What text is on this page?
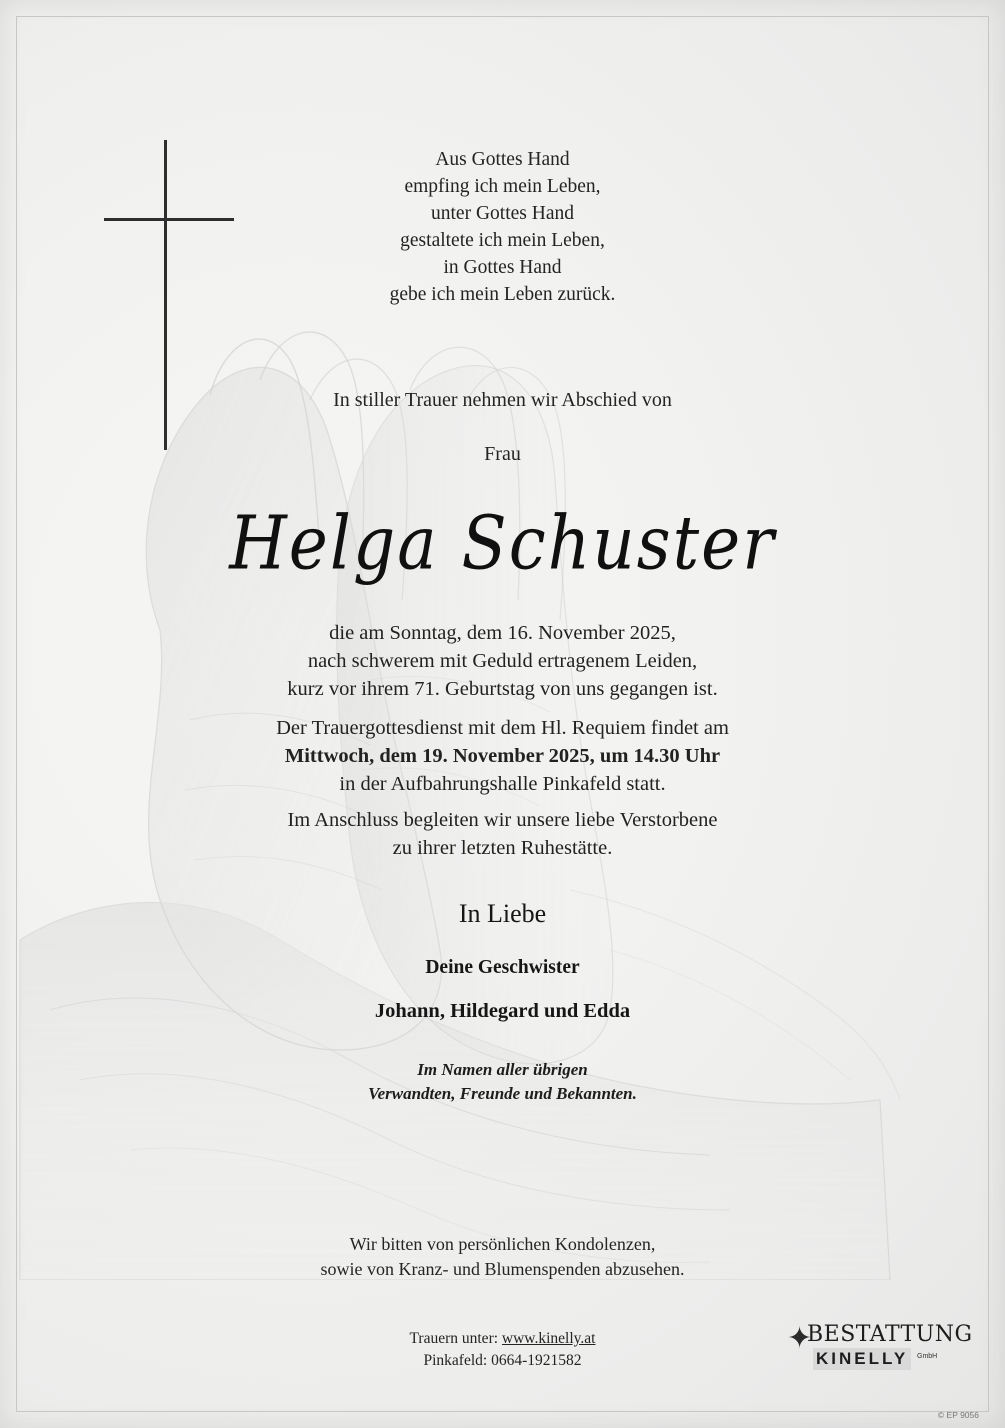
Aus Gottes Hand
empfing ich mein Leben,
unter Gottes Hand
gestaltete ich mein Leben,
in Gottes Hand
gebe ich mein Leben zurück.
In stiller Trauer nehmen wir Abschied von
Frau
Helga Schuster
die am Sonntag, dem 16. November 2025,
nach schwerem mit Geduld ertragenem Leiden,
kurz vor ihrem 71. Geburtstag von uns gegangen ist.
Der Trauergottesdienst mit dem Hl. Requiem findet am
Mittwoch, dem 19. November 2025, um 14.30 Uhr
in der Aufbahrungshalle Pinkafeld statt.
Im Anschluss begleiten wir unsere liebe Verstorbene
zu ihrer letzten Ruhestätte.
In Liebe
Deine Geschwister
Johann, Hildegard und Edda
Im Namen aller übrigen
Verwandten, Freunde und Bekannten.
Wir bitten von persönlichen Kondolenzen,
sowie von Kranz- und Blumenspenden abzusehen.
Trauern unter: www.kinelly.at
Pinkafeld: 0664-1921582
✦
BESTATTUNG
KINELLY	GmbH
© EP 9056
